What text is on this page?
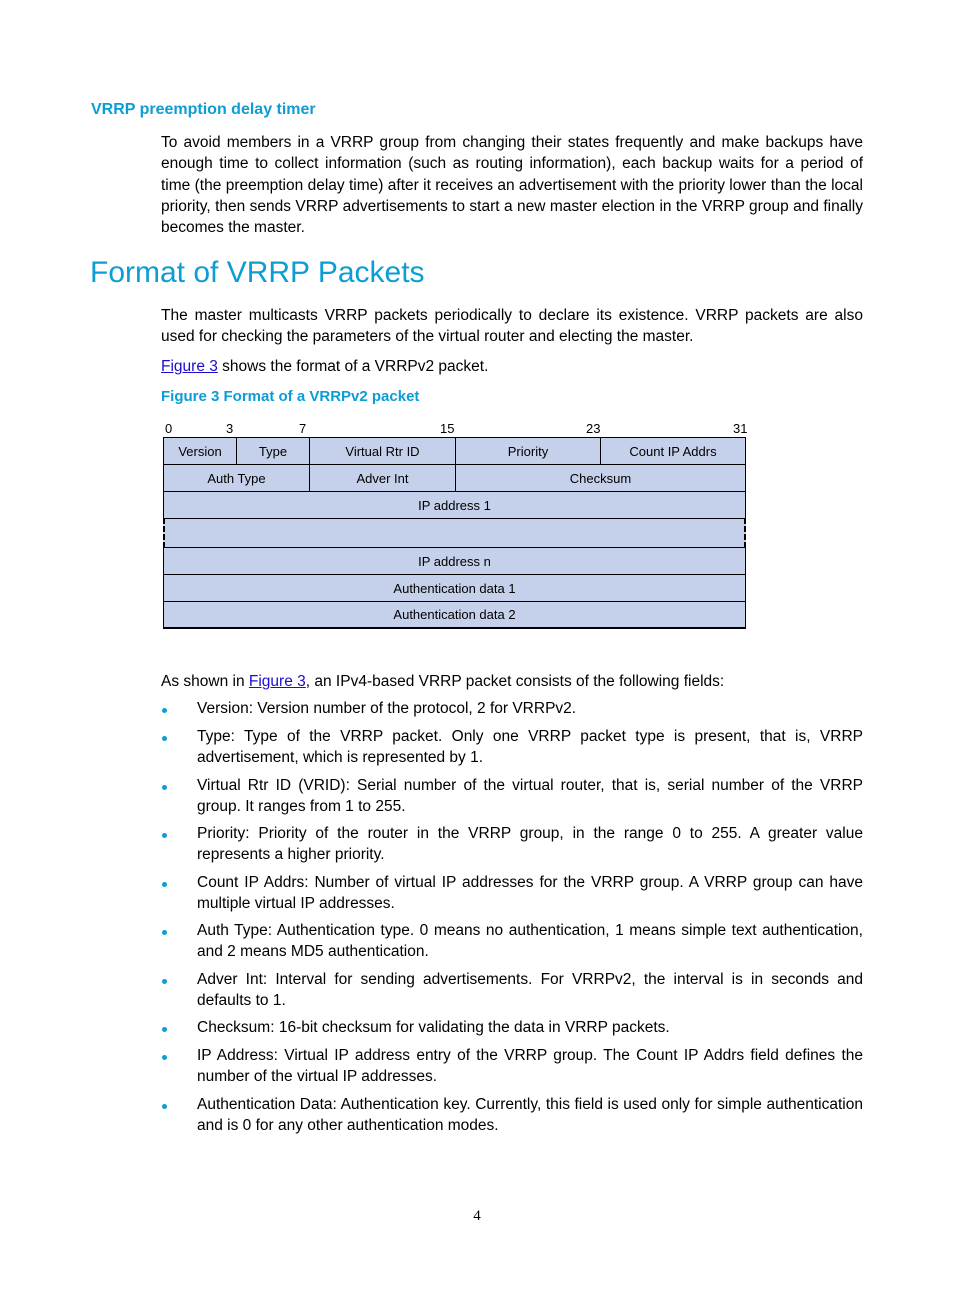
VRRP preemption delay timer

To avoid members in a VRRP group from changing their states frequently and make backups have enough time to collect information (such as routing information), each backup waits for a period of time (the preemption delay time) after it receives an advertisement with the priority lower than the local priority, then sends VRRP advertisements to start a new master election in the VRRP group and finally becomes the master.

Format of VRRP Packets

The master multicasts VRRP packets periodically to declare its existence. VRRP packets are also used for checking the parameters of the virtual router and electing the master.

Figure 3 shows the format of a VRRPv2 packet.

Figure 3 Format of a VRRPv2 packet
0	3	7	15	23	31
Version	Type	Virtual Rtr ID	Priority	Count IP Addrs
Auth Type	Adver Int	Checksum
IP address 1
IP address n
Authentication data 1
Authentication data 2

As shown in Figure 3, an IPv4-based VRRP packet consists of the following fields:

Version: Version number of the protocol, 2 for VRRPv2.
Type: Type of the VRRP packet. Only one VRRP packet type is present, that is, VRRP advertisement, which is represented by 1.
Virtual Rtr ID (VRID): Serial number of the virtual router, that is, serial number of the VRRP group. It ranges from 1 to 255.
Priority: Priority of the router in the VRRP group, in the range 0 to 255. A greater value represents a higher priority.
Count IP Addrs: Number of virtual IP addresses for the VRRP group. A VRRP group can have multiple virtual IP addresses.
Auth Type: Authentication type. 0 means no authentication, 1 means simple text authentication, and 2 means MD5 authentication.
Adver Int: Interval for sending advertisements. For VRRPv2, the interval is in seconds and defaults to 1.
Checksum: 16-bit checksum for validating the data in VRRP packets.
IP Address: Virtual IP address entry of the VRRP group. The Count IP Addrs field defines the number of the virtual IP addresses.
Authentication Data: Authentication key. Currently, this field is used only for simple authentication and is 0 for any other authentication modes.
4
